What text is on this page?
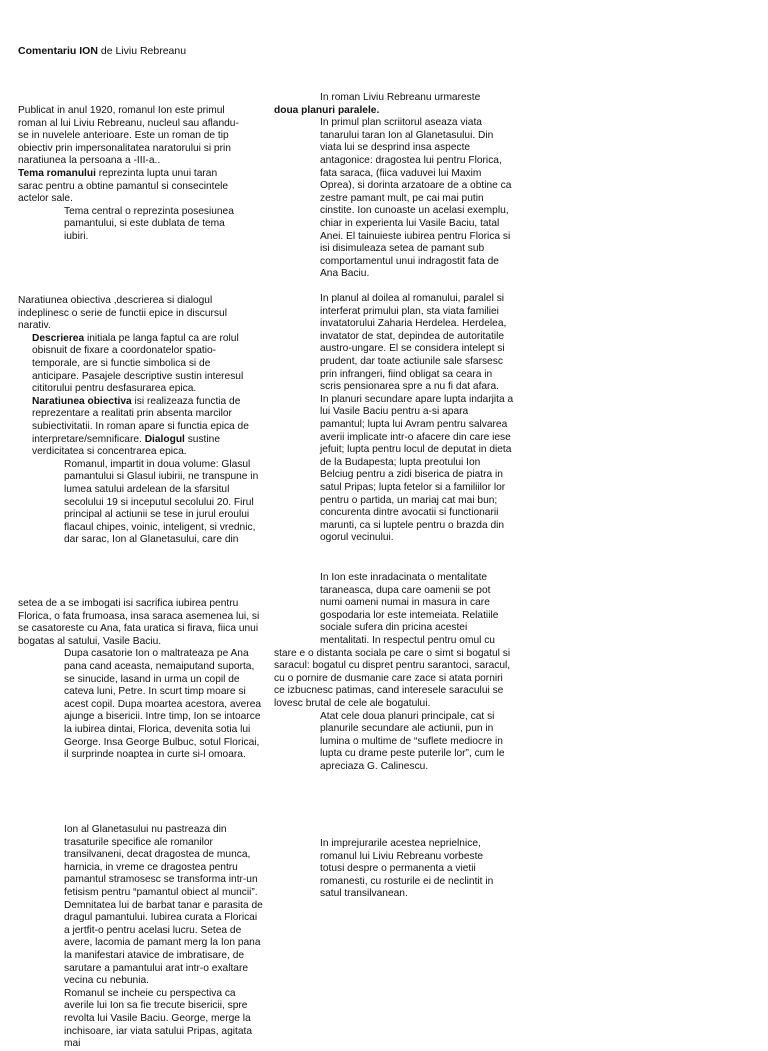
Comentariu ION de Liviu Rebreanu

Publicat in anul 1920, romanul Ion este primul roman al lui Liviu Rebreanu, nucleul sau aflandu-se in nuvelele anterioare. Este un roman de tip obiectiv prin impersonalitatea naratorului si prin naratiunea la persoana a -III-a..

Tema romanului reprezinta lupta unui taran sarac pentru a obtine pamantul si consecintele actelor sale.

Tema central o reprezinta posesiunea pamantului, si este dublata de tema iubiri.

Naratiunea obiectiva ,descrierea si dialogul indeplinesc o serie de functii epice in discursul narativ.

Descrierea initiala pe langa faptul ca are rolul obisnuit de fixare a coordonatelor spatio-temporale, are si functie simbolica si de anticipare. Pasajele descriptive sustin interesul cititorului pentru desfasurarea epica.

Naratiunea obiectiva isi realizeaza functia de reprezentare a realitati prin absenta marcilor subiectivitatii. In roman apare si functia epica de interpretare/semnificare. Dialogul sustine verdicitatea si concentrarea epica.

Romanul, impartit in doua volume: Glasul pamantului si Glasul iubirii, ne transpune in lumea satului ardelean de la sfarsitul secolului 19 si inceputul secolului 20. Firul principal al actiunii se tese in jurul eroului flacaul chipes, voinic, inteligent, si vrednic, dar sarac, Ion al Glanetasului, care din

setea de a se imbogati isi sacrifica iubirea pentru Florica, o fata frumoasa, insa saraca asemenea lui, si se casatoreste cu Ana, fata uratica si firava, fiica unui bogatas al satului, Vasile Baciu.

Dupa casatorie Ion o maltrateaza pe Ana pana cand aceasta, nemaiputand suporta, se sinucide, lasand in urma un copil de cateva luni, Petre. In scurt timp moare si acest copil. Dupa moartea acestora, averea ajunge a bisericii. Intre timp, Ion se intoarce la iubirea dintai, Florica, devenita sotia lui George. Insa George Bulbuc, sotul Floricai, il surprinde noaptea in curte si-l omoara.

Ion al Glanetasului nu pastreaza din trasaturile specifice ale romanilor transilvaneni, decat dragostea de munca, harnicia, in vreme ce dragostea pentru pamantul stramosesc se transforma intr-un fetisism pentru “pamantul obiect al muncii”. Demnitatea lui de barbat tanar e parasita de dragul pamantului. Iubirea curata a Floricai a jertfit-o pentru acelasi lucru. Setea de avere, lacomia de pamant merg la Ion pana la manifestari atavice de imbratisare, de sarutare a pamantului arat intr-o exaltare vecina cu nebunia.

Romanul se incheie cu perspectiva ca averile lui Ion sa fie trecute bisericii, spre revolta lui Vasile Baciu. George, merge la inchisoare, iar viata satului Pripas, agitata mai

In roman Liviu Rebreanu urmareste

doua planuri paralele.

In primul plan scriitorul aseaza viata tanarului taran Ion al Glanetasului. Din viata lui se desprind insa aspecte antagonice: dragostea lui pentru Florica, fata saraca, (fiica vaduvei lui Maxim Oprea), si dorinta arzatoare de a obtine ca zestre pamant mult, pe cai mai putin cinstite. Ion cunoaste un acelasi exemplu, chiar in experienta lui Vasile Baciu, tatal Anei. El tainuieste iubirea pentru Florica si isi disimuleaza setea de pamant sub comportamentul unui indragostit fata de Ana Baciu.

In planul al doilea al romanului, paralel si interferat primului plan, sta viata familiei invatatorului Zaharia Herdelea. Herdelea, invatator de stat, depindea de autoritatile austro-ungare. El se considera intelept si prudent, dar toate actiunile sale sfarsesc prin infrangeri, fiind obligat sa ceara in scris pensionarea spre a nu fi dat afara.

In planuri secundare apare lupta indarjita a lui Vasile Baciu pentru a-si apara pamantul; lupta lui Avram pentru salvarea averii implicate intr-o afacere din care iese jefuit; lupta pentru locul de deputat in dieta de la Budapesta; lupta preotului Ion Belciug pentru a zidi biserica de piatra in satul Pripas; lupta fetelor si a familiilor lor pentru o partida, un mariaj cat mai bun; concurenta dintre avocatii si functionarii marunti, ca si luptele pentru o brazda din ogorul vecinului.

In Ion este inradacinata o mentalitate taraneasca, dupa care oamenii se pot numi oameni numai in masura in care gospodaria lor este intemeiata. Relatiile sociale sufera din pricina acestei mentalitati. In respectul pentru omul cu

stare e o distanta sociala pe care o simt si bogatul si saracul: bogatul cu dispret pentru sarantoci, saracul, cu o pornire de dusmanie care zace si atata porniri ce izbucnesc patimas, cand interesele saracului se lovesc brutal de cele ale bogatului.

Atat cele doua planuri principale, cat si planurile secundare ale actiunii, pun in lumina o multime de “suflete mediocre in lupta cu drame peste puterile lor”, cum le apreciaza G. Calinescu.

In imprejurarile acestea neprielnice, romanul lui Liviu Rebreanu vorbeste totusi despre o permanenta a vietii romanesti, cu rosturile ei de neclintit in satul transilvanean.
